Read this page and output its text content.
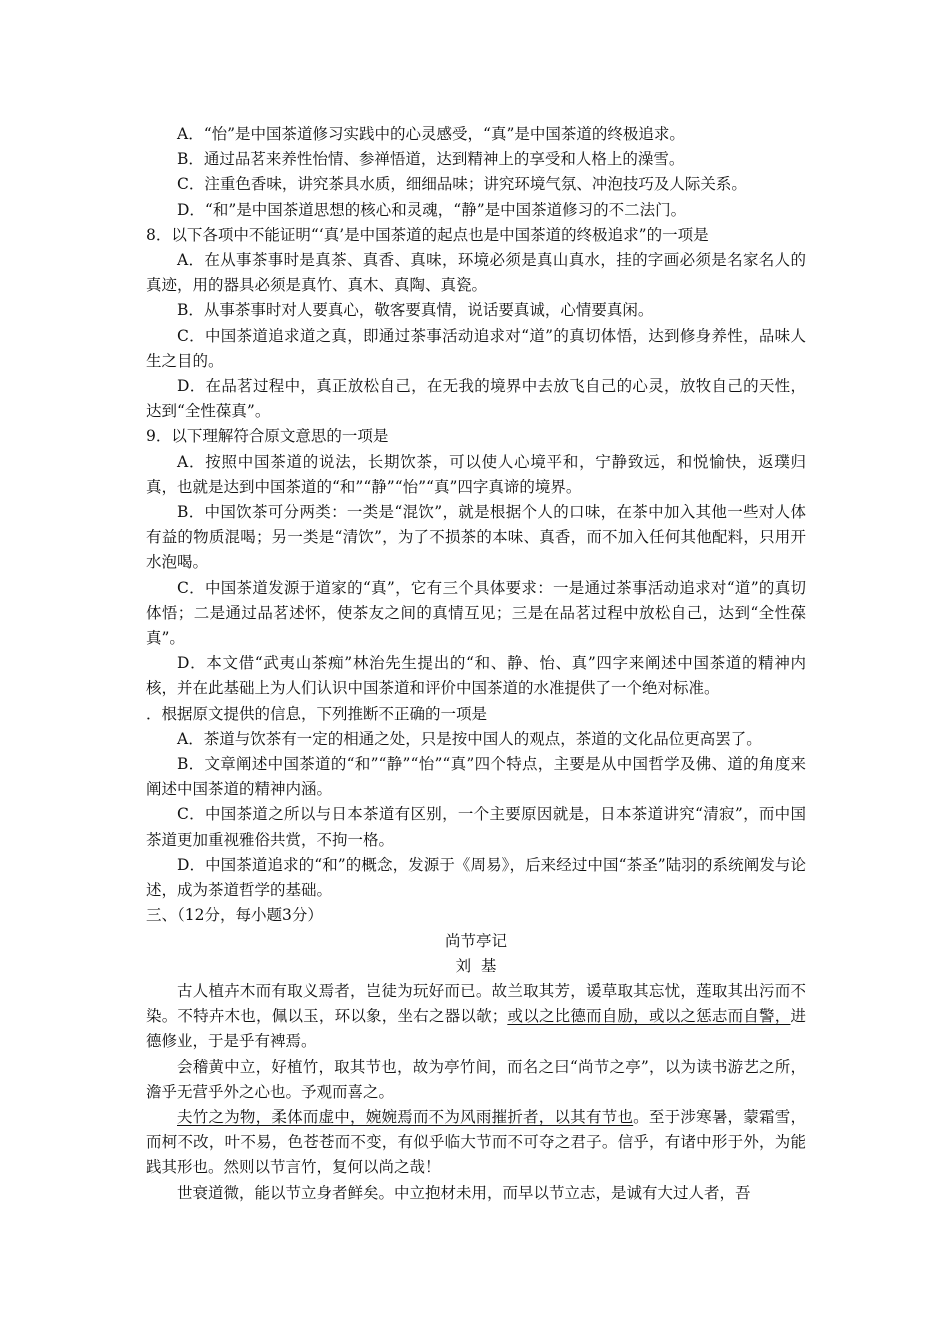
A．“怡”是中国茶道修习实践中的心灵感受，“真”是中国茶道的终极追求。
B．通过品茗来养性怡情、参禅悟道，达到精神上的享受和人格上的澡雪。
C．注重色香味，讲究茶具水质，细细品味；讲究环境气氛、冲泡技巧及人际关系。
D．“和”是中国茶道思想的核心和灵魂，“静”是中国茶道修习的不二法门。
8．以下各项中不能证明“‘真’是中国茶道的起点也是中国茶道的终极追求”的一项是
A．在从事茶事时是真茶、真香、真味，环境必须是真山真水，挂的字画必须是名家名人的真迹，用的器具必须是真竹、真木、真陶、真瓷。
B．从事茶事时对人要真心，敬客要真情，说话要真诚，心情要真闲。
C．中国茶道追求道之真，即通过茶事活动追求对“道”的真切体悟，达到修身养性，品味人生之目的。
D．在品茗过程中，真正放松自己，在无我的境界中去放飞自己的心灵，放牧自己的天性，达到“全性葆真”。
9．以下理解符合原文意思的一项是
A．按照中国茶道的说法，长期饮茶，可以使人心境平和，宁静致远，和悦愉快，返璞归真，也就是达到中国茶道的“和”“静”“怡”“真”四字真谛的境界。
B．中国饮茶可分两类：一类是“混饮”，就是根据个人的口味，在茶中加入其他一些对人体有益的物质混喝；另一类是“清饮”，为了不损茶的本味、真香，而不加入任何其他配料，只用开水泡喝。
C．中国茶道发源于道家的“真”，它有三个具体要求：一是通过茶事活动追求对“道”的真切体悟；二是通过品茗述怀，使茶友之间的真情互见；三是在品茗过程中放松自己，达到“全性葆真”。
D．本文借“武夷山茶痴”林治先生提出的“和、静、怡、真”四字来阐述中国茶道的精神内核，并在此基础上为人们认识中国茶道和评价中国茶道的水准提供了一个绝对标准。
．根据原文提供的信息，下列推断不正确的一项是
A．茶道与饮茶有一定的相通之处，只是按中国人的观点，茶道的文化品位更高罢了。
B．文章阐述中国茶道的“和”“静”“怡”“真”四个特点，主要是从中国哲学及佛、道的角度来阐述中国茶道的精神内涵。
C．中国茶道之所以与日本茶道有区别，一个主要原因就是，日本茶道讲究“清寂”，而中国茶道更加重视雅俗共赏，不拘一格。
D．中国茶道追求的“和”的概念，发源于《周易》，后来经过中国“茶圣”陆羽的系统阐发与论述，成为茶道哲学的基础。
三、（12分，每小题3分）
尚节亭记
刘  基
古人植卉木而有取义焉者，岂徒为玩好而已。故兰取其芳，谖草取其忘忧，莲取其出污而不染。不特卉木也，佩以玉，环以象，坐右之器以欹；或以之比德而自励，或以之惩志而自警，进德修业，于是乎有裨焉。
会稽黄中立，好植竹，取其节也，故为亭竹间，而名之曰“尚节之亭”，以为读书游艺之所，澹乎无营乎外之心也。予观而喜之。
夫竹之为物，柔体而虚中，婉婉焉而不为风雨摧折者，以其有节也。至于涉寒暑，蒙霜雪，而柯不改，叶不易，色苍苍而不变，有似乎临大节而不可夺之君子。信乎，有诸中形于外，为能践其形也。然则以节言竹，复何以尚之哉！
世衰道微，能以节立身者鲜矣。中立抱材未用，而早以节立志，是诚有大过人者，吾
